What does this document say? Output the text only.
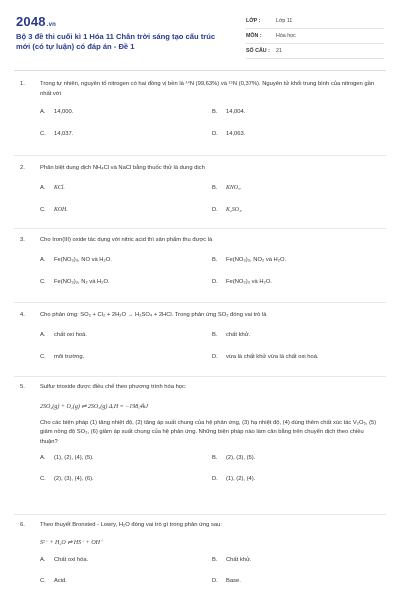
2048.vn
Bộ 3 đề thi cuối kì 1 Hóa 11 Chân trời sáng tạo cấu trúc mới (có tự luận) có đáp án - Đề 1
LỚP :	Lớp 11
MÔN :	Hóa học
SỐ CÂU :	21
1.	Trong tự nhiên, nguyên tố nitrogen có hai đồng vị bền là ¹⁴N (99,63%) và ¹⁵N (0,37%). Nguyên tử khối trung bình của nitrogen gần nhất với
A. 14,000.	B. 14,004.
C. 14,037.	D. 14,063.
2.	Phân biệt dung dịch NH₄Cl và NaCl bằng thuốc thử là dung dịch
A. KCl.	B. KNO₃.
C. KOH.	D. K₂SO₄.
3.	Cho Iron(III) oxide tác dụng với nitric acid thì sản phẩm thu được là
A. Fe(NO₃)₃, NO và H₂O.	B. Fe(NO₃)₃, NO₂ và H₂O.
C. Fe(NO₃)₃, N₂ và H₂O.	D. Fe(NO₃)₃ và H₂O.
4.	Cho phản ứng: SO₂ + Cl₂ + 2H₂O → H₂SO₄ + 2HCl. Trong phản ứng SO₂ đóng vai trò là
A. chất oxi hoá.	B. chất khử.
C. môi trường.	D. vừa là chất khử vừa là chất oxi hoá.
5.	Sulfur trioxide được điều chế theo phương trình hóa học:
2SO₂(g) + O₂(g) ⇌ 2SO₃(g) ΔᵣH = −198,4kJ
Cho các biện pháp (1) tăng nhiệt độ, (2) tăng áp suất chung của hệ phản ứng, (3) hạ nhiệt độ, (4) dùng thêm chất xúc tác V₂O₅, (5) giảm nồng độ SO₃, (6) giảm áp suất chung của hệ phản ứng. Những biện pháp nào làm cân bằng trên chuyển dịch theo chiều thuận?
A. (1), (2), (4), (5).	B. (2), (3), (5).
C. (2), (3), (4), (6).	D. (1), (2), (4).
6.	Theo thuyết Bronsted - Lowry, H₂O đóng vai trò gì trong phản ứng sau:
S²⁻ + H₂O ⇌ HS⁻ + OH⁻
A. Chất oxi hóa.	B. Chất khử.
C. Acid.	D. Base.
